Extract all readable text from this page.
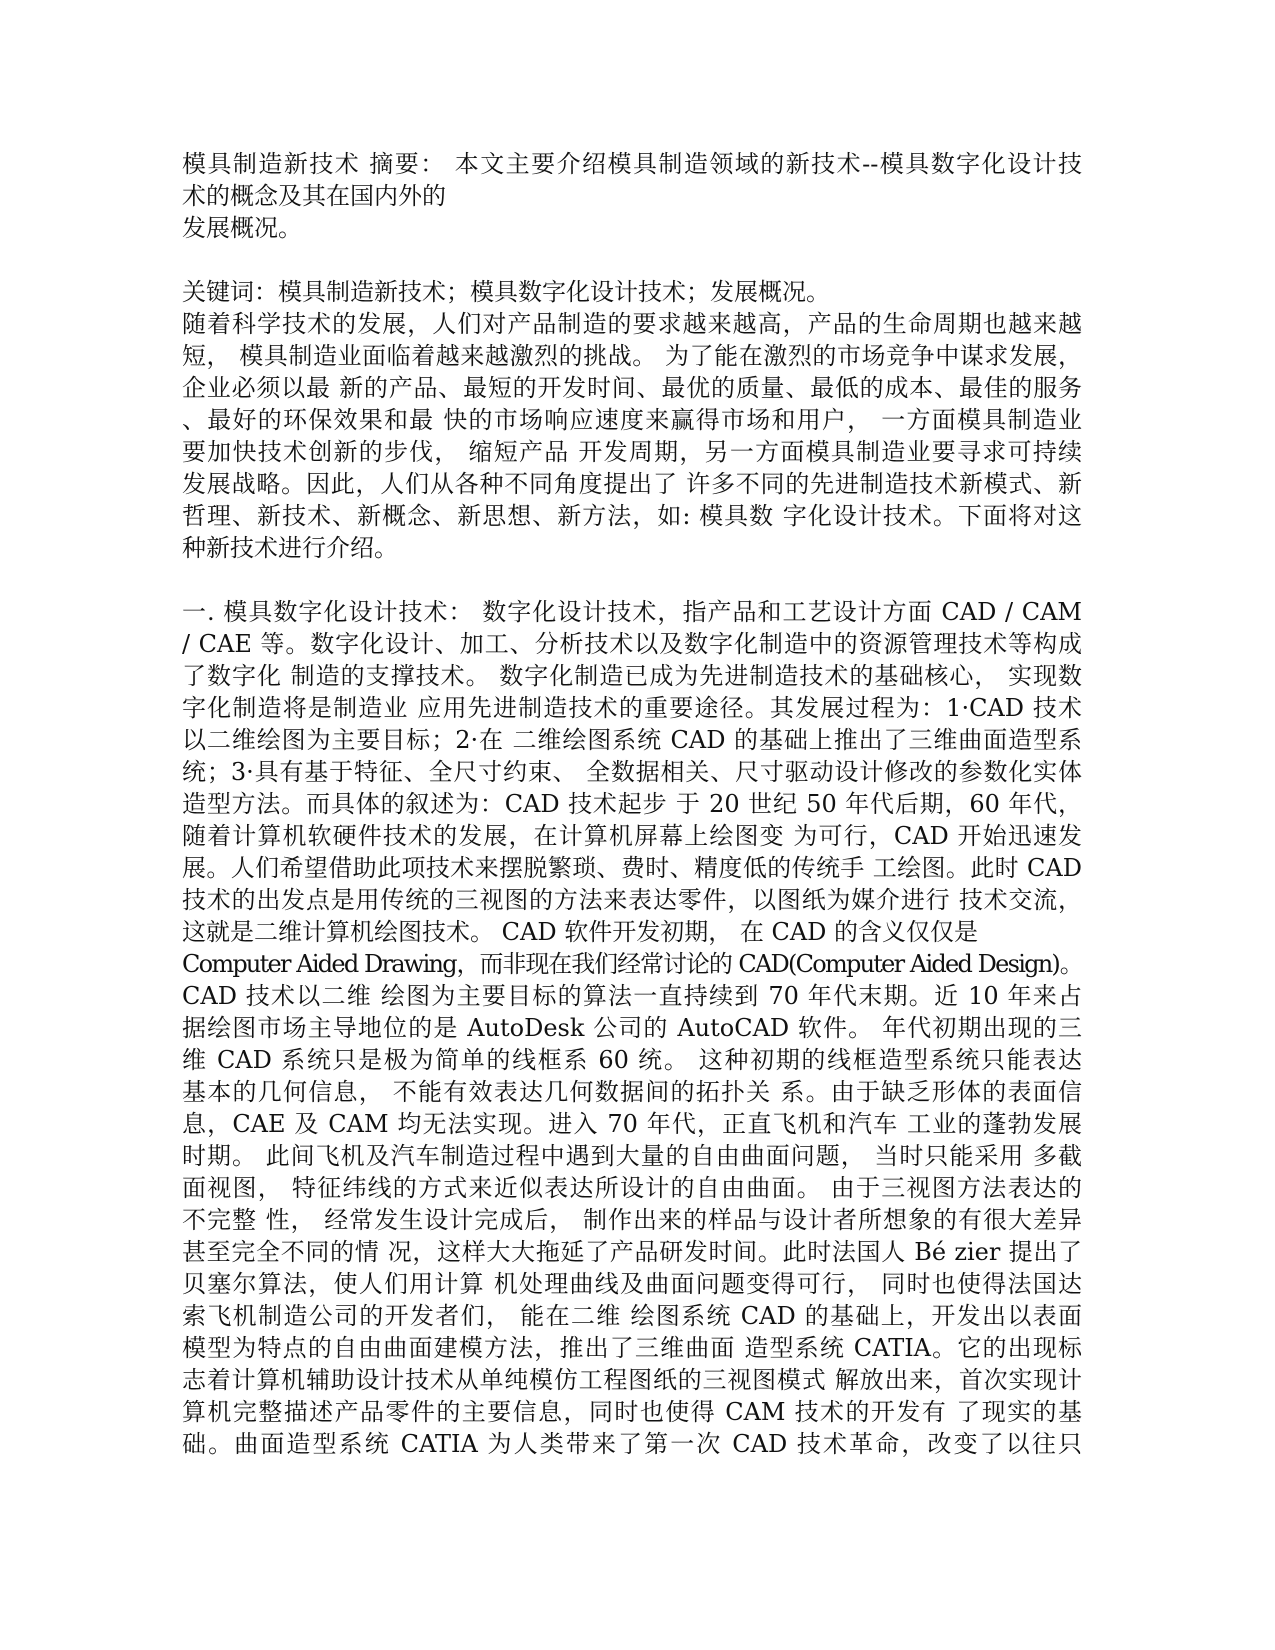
模具制造新技术 摘要： 本文主要介绍模具制造领域的新技术--模具数字化设计技
术的概念及其在国内外的
发展概况。
关键词：模具制造新技术；模具数字化设计技术；发展概况。
随着科学技术的发展，人们对产品制造的要求越来越高，产品的生命周期也越来越
短， 模具制造业面临着越来越激烈的挑战。 为了能在激烈的市场竞争中谋求发展，
企业必须以最 新的产品、最短的开发时间、最优的质量、最低的成本、最佳的服务
、最好的环保效果和最 快的市场响应速度来赢得市场和用户， 一方面模具制造业
要加快技术创新的步伐， 缩短产品 开发周期，另一方面模具制造业要寻求可持续
发展战略。因此，人们从各种不同角度提出了 许多不同的先进制造技术新模式、新
哲理、新技术、新概念、新思想、新方法，如: 模具数 字化设计技术。下面将对这
种新技术进行介绍。
一. 模具数字化设计技术： 数字化设计技术，指产品和工艺设计方面 CAD / CAM
/ CAE 等。数字化设计、加工、分析技术以及数字化制造中的资源管理技术等构成
了数字化 制造的支撑技术。 数字化制造已成为先进制造技术的基础核心， 实现数
字化制造将是制造业 应用先进制造技术的重要途径。其发展过程为：1·CAD 技术
以二维绘图为主要目标；2·在 二维绘图系统 CAD 的基础上推出了三维曲面造型系
统；3·具有基于特征、全尺寸约束、 全数据相关、尺寸驱动设计修改的参数化实体
造型方法。而具体的叙述为：CAD 技术起步 于 20 世纪 50 年代后期，60 年代，
随着计算机软硬件技术的发展，在计算机屏幕上绘图变 为可行，CAD 开始迅速发
展。人们希望借助此项技术来摆脱繁琐、费时、精度低的传统手 工绘图。此时 CAD
技术的出发点是用传统的三视图的方法来表达零件，以图纸为媒介进行 技术交流，
这就是二维计算机绘图技术。 CAD 软件开发初期， 在 CAD 的含义仅仅是
Computer Aided Drawing，而非现在我们经常讨论的 CAD(Computer Aided Design)。
CAD 技术以二维 绘图为主要目标的算法一直持续到 70 年代末期。近 10 年来占
据绘图市场主导地位的是 AutoDesk 公司的 AutoCAD 软件。 年代初期出现的三
维 CAD 系统只是极为简单的线框系 60 统。 这种初期的线框造型系统只能表达
基本的几何信息， 不能有效表达几何数据间的拓扑关 系。由于缺乏形体的表面信
息，CAE 及 CAM 均无法实现。进入 70 年代，正直飞机和汽车 工业的蓬勃发展
时期。 此间飞机及汽车制造过程中遇到大量的自由曲面问题， 当时只能采用 多截
面视图， 特征纬线的方式来近似表达所设计的自由曲面。 由于三视图方法表达的
不完整 性， 经常发生设计完成后， 制作出来的样品与设计者所想象的有很大差异
甚至完全不同的情 况，这样大大拖延了产品研发时间。此时法国人 Bé zier 提出了
贝塞尔算法，使人们用计算 机处理曲线及曲面问题变得可行， 同时也使得法国达
索飞机制造公司的开发者们， 能在二维 绘图系统 CAD 的基础上，开发出以表面
模型为特点的自由曲面建模方法，推出了三维曲面 造型系统 CATIA。它的出现标
志着计算机辅助设计技术从单纯模仿工程图纸的三视图模式 解放出来，首次实现计
算机完整描述产品零件的主要信息，同时也使得 CAM 技术的开发有 了现实的基
础。曲面造型系统 CATIA 为人类带来了第一次 CAD 技术革命，改变了以往只
